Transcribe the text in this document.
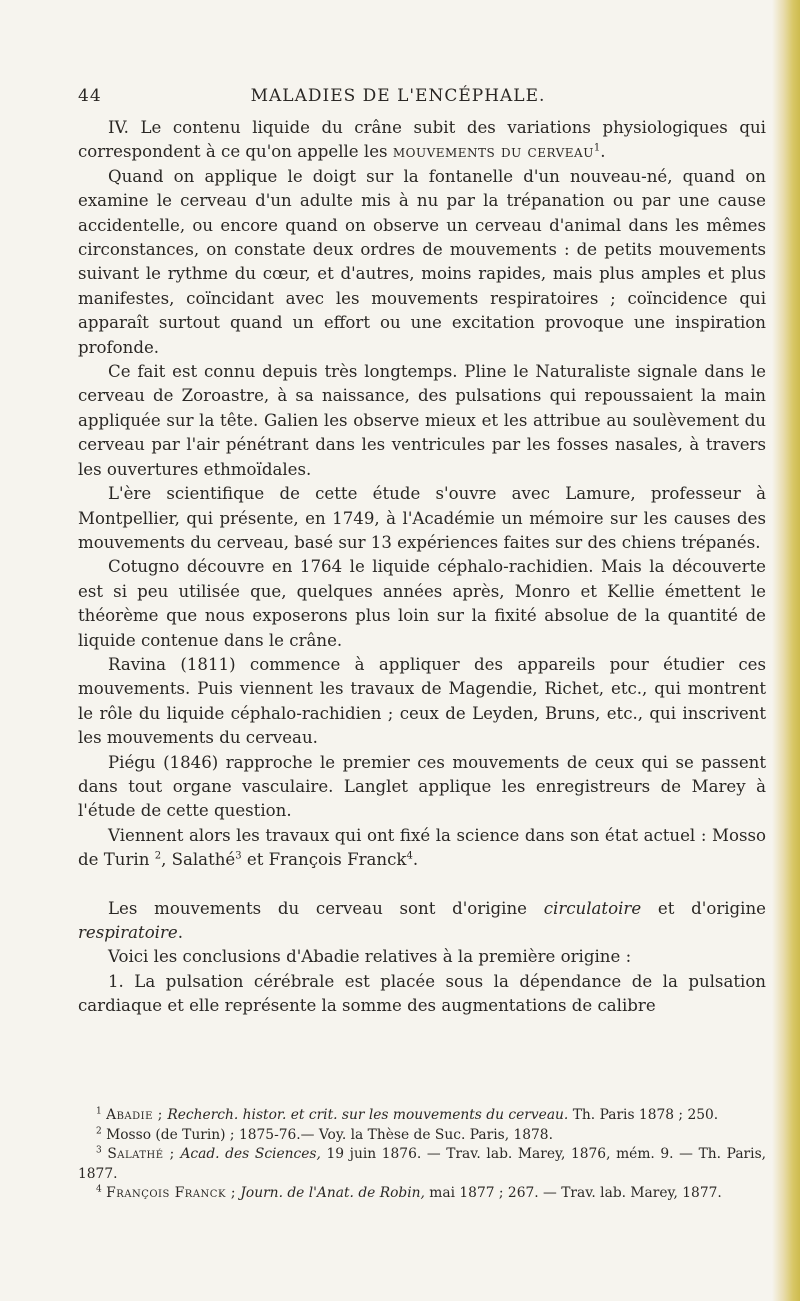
44	MALADIES DE L'ENCÉPHALE.

IV. Le contenu liquide du crâne subit des variations physiologiques qui correspondent à ce qu'on appelle les mouvements du cerveau$^1$.

Quand on applique le doigt sur la fontanelle d'un nouveau-né, quand on examine le cerveau d'un adulte mis à nu par la trépanation ou par une cause accidentelle, ou encore quand on observe un cerveau d'animal dans les mêmes circonstances, on constate deux ordres de mouvements : de petits mouvements suivant le rythme du cœur, et d'autres, moins rapides, mais plus amples et plus manifestes, coïncidant avec les mouvements respiratoires ; coïncidence qui apparaît surtout quand un effort ou une excitation provoque une inspiration profonde.

Ce fait est connu depuis très longtemps. Pline le Naturaliste signale dans le cerveau de Zoroastre, à sa naissance, des pulsations qui repoussaient la main appliquée sur la tête. Galien les observe mieux et les attribue au soulèvement du cerveau par l'air pénétrant dans les ventricules par les fosses nasales, à travers les ouvertures ethmoïdales.

L'ère scientifique de cette étude s'ouvre avec Lamure, professeur à Montpellier, qui présente, en 1749, à l'Académie un mémoire sur les causes des mouvements du cerveau, basé sur 13 expériences faites sur des chiens trépanés.

Cotugno découvre en 1764 le liquide céphalo-rachidien. Mais la découverte est si peu utilisée que, quelques années après, Monro et Kellie émettent le théorème que nous exposerons plus loin sur la fixité absolue de la quantité de liquide contenue dans le crâne.

Ravina (1811) commence à appliquer des appareils pour étudier ces mouvements. Puis viennent les travaux de Magendie, Richet, etc., qui montrent le rôle du liquide céphalo-rachidien ; ceux de Leyden, Bruns, etc., qui inscrivent les mouvements du cerveau.

Piégu (1846) rapproche le premier ces mouvements de ceux qui se passent dans tout organe vasculaire. Langlet applique les enregistreurs de Marey à l'étude de cette question.

Viennent alors les travaux qui ont fixé la science dans son état actuel : Mosso de Turin $^2$, Salathé$^3$ et François Franck$^4$.

Les mouvements du cerveau sont d'origine circulatoire et d'origine respiratoire.

Voici les conclusions d'Abadie relatives à la première origine :

1. La pulsation cérébrale est placée sous la dépendance de la pulsation cardiaque et elle représente la somme des augmentations de calibre

$^1$ Abadie ; Recherch. histor. et crit. sur les mouvements du cerveau. Th. Paris 1878 ; 250.

$^2$ Mosso (de Turin) ; 1875-76.— Voy. la Thèse de Suc. Paris, 1878.

$^3$ Salathé ; Acad. des Sciences, 19 juin 1876. — Trav. lab. Marey, 1876, mém. 9. — Th. Paris, 1877.

$^4$ François Franck ; Journ. de l'Anat. de Robin, mai 1877 ; 267. — Trav. lab. Marey, 1877.
